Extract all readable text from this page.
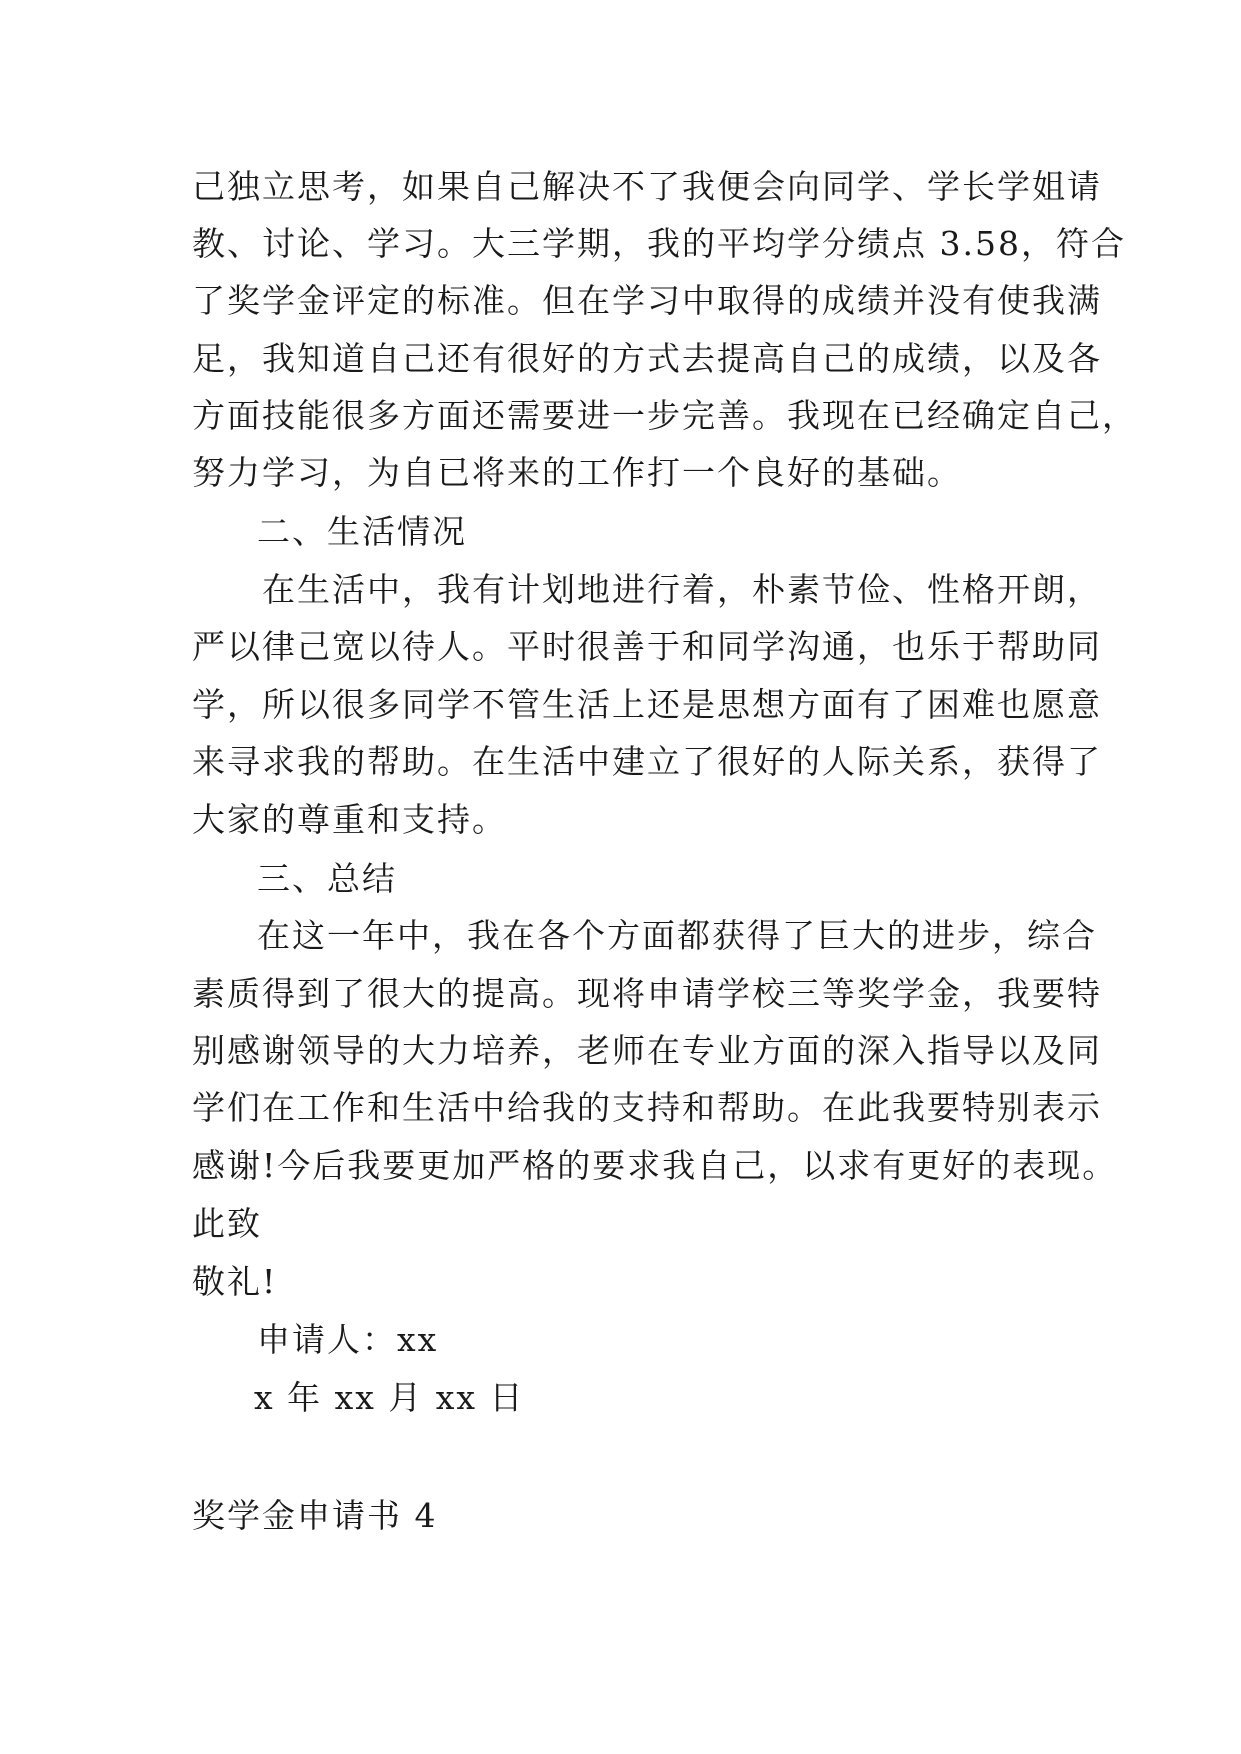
己独立思考，如果自己解决不了我便会向同学、学长学姐请
教、讨论、学习。大三学期，我的平均学分绩点 3.58，符合
了奖学金评定的标准。但在学习中取得的成绩并没有使我满
足，我知道自己还有很好的方式去提高自己的成绩，以及各
方面技能很多方面还需要进一步完善。我现在已经确定自己，
努力学习，为自已将来的工作打一个良好的基础。
二、生活情况
在生活中，我有计划地进行着，朴素节俭、性格开朗，
严以律己宽以待人。平时很善于和同学沟通，也乐于帮助同
学，所以很多同学不管生活上还是思想方面有了困难也愿意
来寻求我的帮助。在生活中建立了很好的人际关系，获得了
大家的尊重和支持。
三、总结
在这一年中，我在各个方面都获得了巨大的进步，综合
素质得到了很大的提高。现将申请学校三等奖学金，我要特
别感谢领导的大力培养，老师在专业方面的深入指导以及同
学们在工作和生活中给我的支持和帮助。在此我要特别表示
感谢!今后我要更加严格的要求我自己，以求有更好的表现。
此致
敬礼!
申请人：xx
x 年 xx 月 xx 日
奖学金申请书 4
